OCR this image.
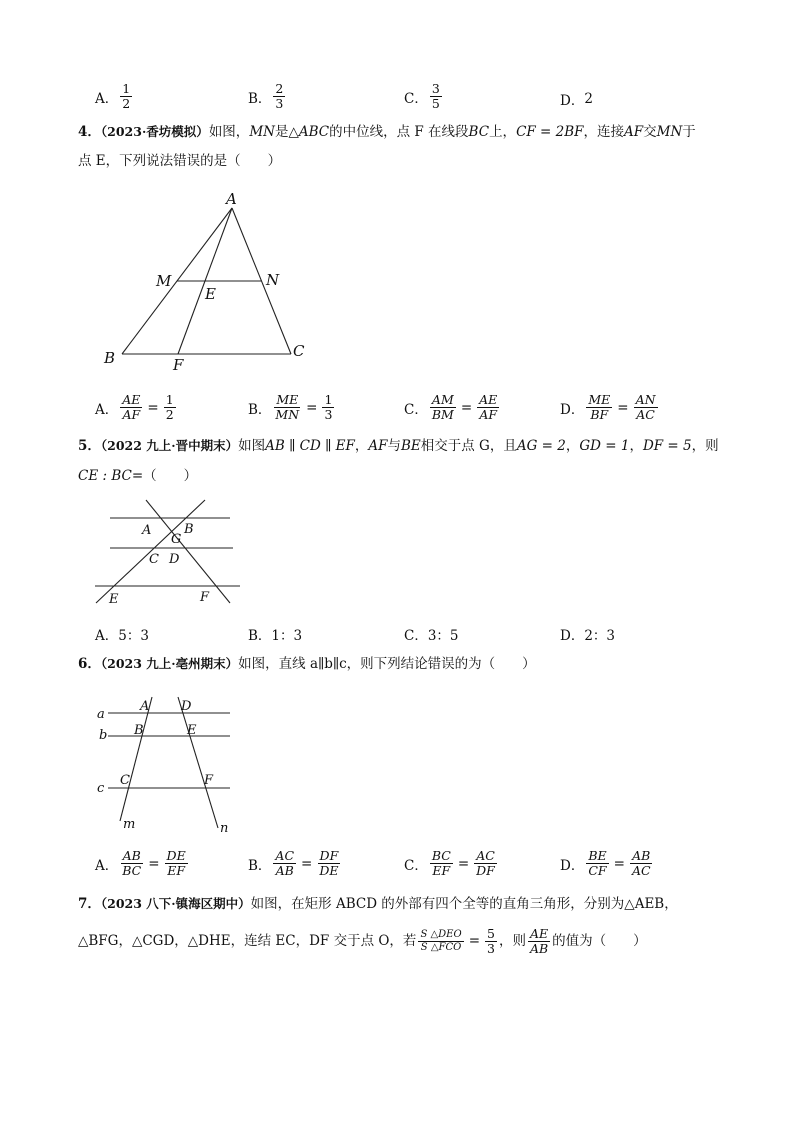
A． $\frac{1}{2}$	B． $\frac{2}{3}$	C． $\frac{3}{5}$	D． 2
4．（2023·香坊模拟）如图，MN是△ABC的中位线，点 F 在线段BC上，CF = 2BF，连接AF交MN于
点 E，下列说法错误的是（　　）
A
M	N
E
B	F
C
A． $\frac{AE}{AF} = \frac{1}{2}$	B． $\frac{ME}{MN} = \frac{1}{3}$	C． $\frac{AM}{BM} = \frac{AE}{AF}$	D． $\frac{ME}{BF} = \frac{AN}{AC}$
5．（2022 九上·晋中期末）如图AB ∥ CD ∥ EF，AF与BE相交于点 G，且AG = 2，GD = 1，DF = 5，则
CE : BC=（　　）
A	B
G
C D
E	F
A． 5：3	B． 1：3	C． 3：5	D． 2：3
6．（2023 九上·亳州期末）如图，直线 a∥b∥c，则下列结论错误的为（　　）
a
b
c
A D
B	E
C	F
m	n
A． $\frac{AB}{BC} = \frac{DE}{EF}$	B． $\frac{AC}{AB} = \frac{DF}{DE}$	C． $\frac{BC}{EF} = \frac{AC}{DF}$	D． $\frac{BE}{CF} = \frac{AB}{AC}$
7．（2023 八下·镇海区期中）如图，在矩形 ABCD 的外部有四个全等的直角三角形，分别为△AEB，
△BFG，△CGD，△DHE，连结 EC，DF 交于点 O，若 $\frac{\text{S △DEO}}{\text{S △FCO}} = \frac{5}{3}$ ，则 $\frac{AE}{AB}$ 的值为（　　）
